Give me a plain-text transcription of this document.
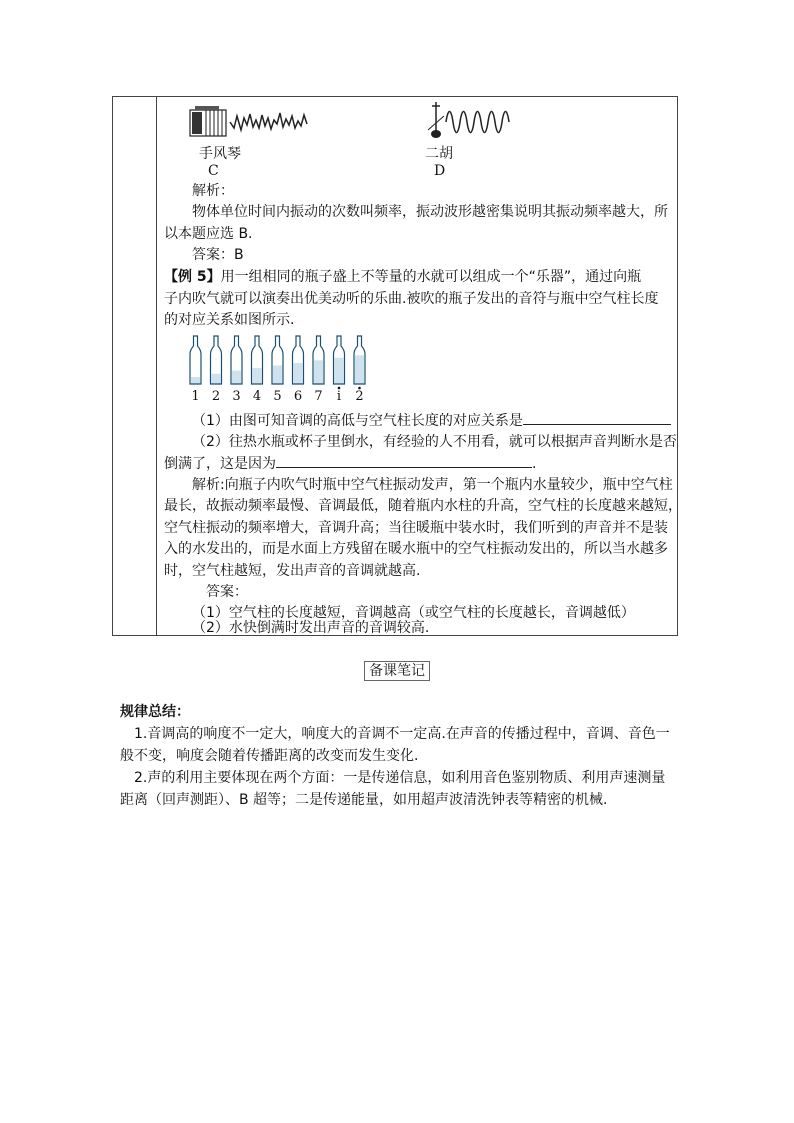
手风琴
C
二胡
D
解析：
物体单位时间内振动的次数叫频率，振动波形越密集说明其振动频率越大，所
以本题应选 B.
答案：B
【例 5】用一组相同的瓶子盛上不等量的水就可以组成一个“乐器”，通过向瓶
子内吹气就可以演奏出优美动听的乐曲.被吹的瓶子发出的音符与瓶中空气柱长度
的对应关系如图所示.
1 2 3 4 5 6 7 i 2
（1）由图可知音调的高低与空气柱长度的对应关系是
（2）往热水瓶或杯子里倒水，有经验的人不用看，就可以根据声音判断水是否
倒满了，这是因为	.
解析:向瓶子内吹气时瓶中空气柱振动发声，第一个瓶内水量较少，瓶中空气柱
最长，故振动频率最慢、音调最低，随着瓶内水柱的升高，空气柱的长度越来越短，
空气柱振动的频率增大，音调升高；当往暖瓶中装水时，我们听到的声音并不是装
入的水发出的，而是水面上方残留在暖水瓶中的空气柱振动发出的，所以当水越多
时，空气柱越短，发出声音的音调就越高.
答案：
（1）空气柱的长度越短，音调越高（或空气柱的长度越长，音调越低）
（2）水快倒满时发出声音的音调较高.
备课笔记
规律总结：
1.音调高的响度不一定大，响度大的音调不一定高.在声音的传播过程中，音调、音色一
般不变，响度会随着传播距离的改变而发生变化.
2.声的利用主要体现在两个方面：一是传递信息，如利用音色鉴别物质、利用声速测量
距离（回声测距）、B 超等；二是传递能量，如用超声波清洗钟表等精密的机械.
